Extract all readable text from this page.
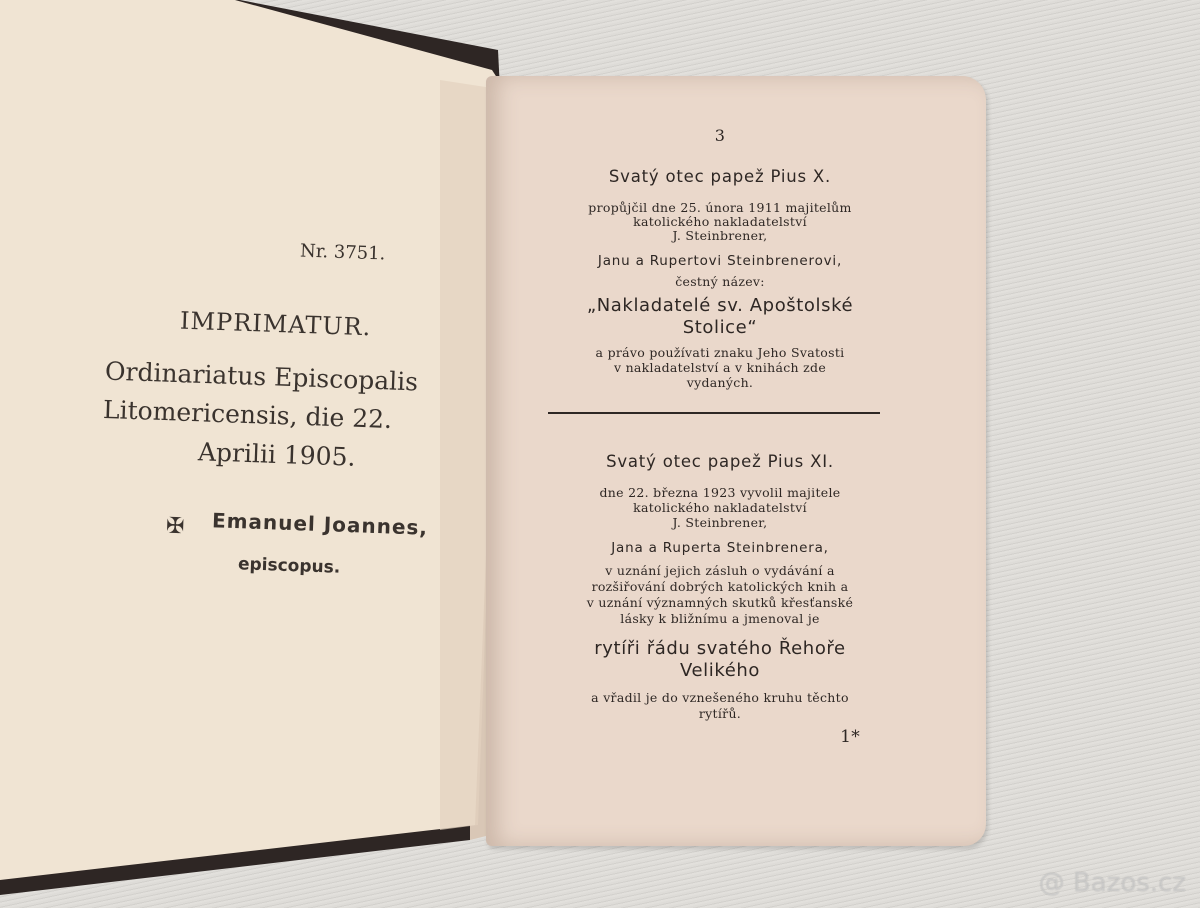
Nr. 3751.
IMPRIMATUR.
Ordinariatus Episcopalis
Litomericensis, die 22.
Aprilii 1905.
✠ Emanuel Joannes,
episcopus.
3
Svatý otec papež Pius X.
propůjčil dne 25. února 1911 majitelům
katolického nakladatelství
J. Steinbrener,
Janu a Rupertovi Steinbrenerovi,
čestný název:
„Nakladatelé sv. Apoštolské
Stolice“
a právo používati znaku Jeho Svatosti
v nakladatelství a v knihách zde
vydaných.
Svatý otec papež Pius XI.
dne 22. března 1923 vyvolil majitele
katolického nakladatelství
J. Steinbrener,
Jana a Ruperta Steinbrenera,
v uznání jejich zásluh o vydávání a
rozšiřování dobrých katolických knih a
v uznání významných skutků křesťanské
lásky k bližnímu a jmenoval je
rytíři řádu svatého Řehoře
Velikého
a vřadil je do vznešeného kruhu těchto
rytířů.
1*
@ Bazos.cz
